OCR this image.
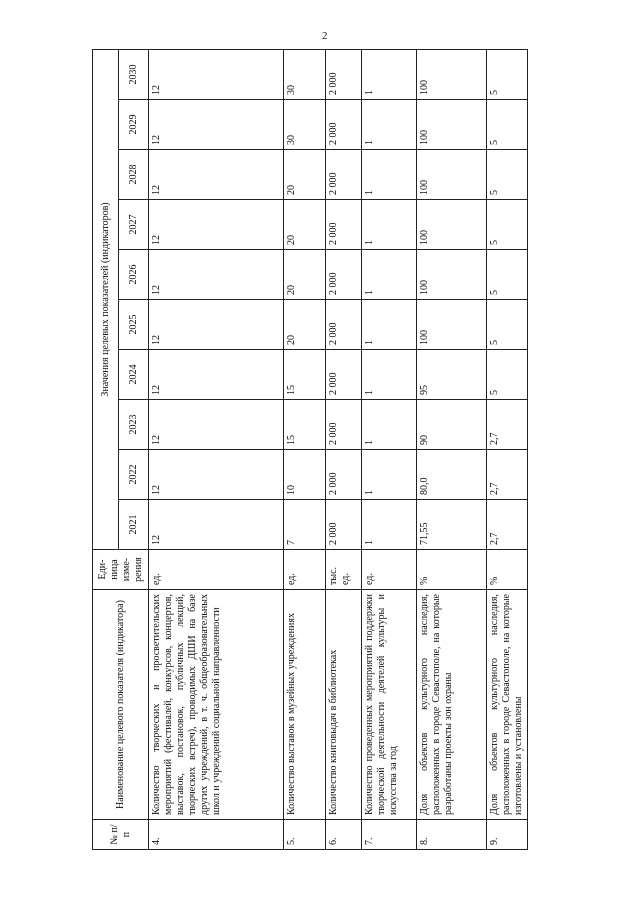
2
№ п/п	Наименование целевого показателя (индикатора)	Еди-ница изме-рения	Значения целевых показателей (индикаторов)									
			2021	2022	2023	2024	2025	2026	2027	2028	2029	2030
4.	Количество творческих и просветительских мероприятий (фестивалей, конкурсов, концертов, выставок, постановок, публичных лекций, творческих встреч), проводимых ДШИ на базе других учреждений, в т. ч. общеобразовательных школ и учреждений социальной направленности	ед.	12	12	12	12	12	12	12	12	12	12
5.	Количество выставок в музейных учреждениях	ед.	7	10	15	15	20	20	20	20	30	30
6.	Количество книговыдач в библиотеках	тыс. ед.	2 000	2 000	2 000	2 000	2 000	2 000	2 000	2 000	2 000	2 000
7.	Количество проведенных мероприятий поддержки творческой деятельности деятелей культуры и искусства за год	ед.	1	1	1	1	1	1	1	1	1	1
8.	Доля объектов культурного наследия, расположенных в городе Севастополе, на которые разработаны проекты зон охраны	%	71,55	80,0	90	95	100	100	100	100	100	100
9.	Доля объектов культурного наследия, расположенных в городе Севастополе, на которые изготовлены и установлены	%	2,7	2,7	2,7	5	5	5	5	5	5	5
